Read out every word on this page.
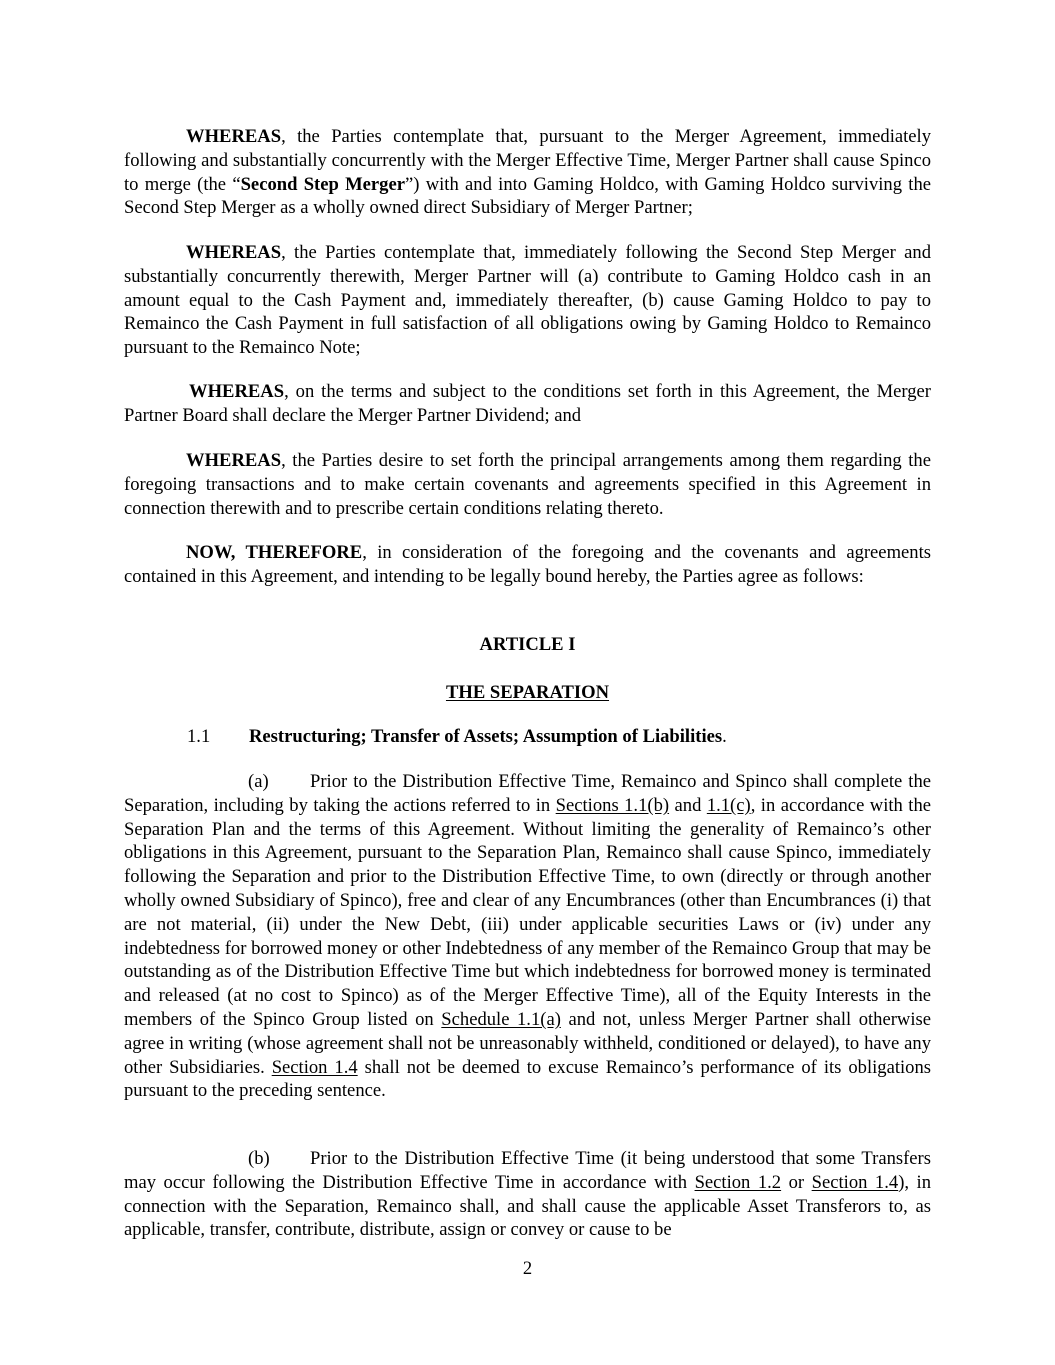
WHEREAS, the Parties contemplate that, pursuant to the Merger Agreement, immediately following and substantially concurrently with the Merger Effective Time, Merger Partner shall cause Spinco to merge (the “Second Step Merger”) with and into Gaming Holdco, with Gaming Holdco surviving the Second Step Merger as a wholly owned direct Subsidiary of Merger Partner;

WHEREAS, the Parties contemplate that, immediately following the Second Step Merger and substantially concurrently therewith, Merger Partner will (a) contribute to Gaming Holdco cash in an amount equal to the Cash Payment and, immediately thereafter, (b) cause Gaming Holdco to pay to Remainco the Cash Payment in full satisfaction of all obligations owing by Gaming Holdco to Remainco pursuant to the Remainco Note;

WHEREAS, on the terms and subject to the conditions set forth in this Agreement, the Merger Partner Board shall declare the Merger Partner Dividend; and

WHEREAS, the Parties desire to set forth the principal arrangements among them regarding the foregoing transactions and to make certain covenants and agreements specified in this Agreement in connection therewith and to prescribe certain conditions relating thereto.

NOW, THEREFORE, in consideration of the foregoing and the covenants and agreements contained in this Agreement, and intending to be legally bound hereby, the Parties agree as follows:

ARTICLE I

THE SEPARATION

1.1 Restructuring; Transfer of Assets; Assumption of Liabilities.

(a) Prior to the Distribution Effective Time, Remainco and Spinco shall complete the Separation, including by taking the actions referred to in Sections 1.1(b) and 1.1(c), in accordance with the Separation Plan and the terms of this Agreement. Without limiting the generality of Remainco’s other obligations in this Agreement, pursuant to the Separation Plan, Remainco shall cause Spinco, immediately following the Separation and prior to the Distribution Effective Time, to own (directly or through another wholly owned Subsidiary of Spinco), free and clear of any Encumbrances (other than Encumbrances (i) that are not material, (ii) under the New Debt, (iii) under applicable securities Laws or (iv) under any indebtedness for borrowed money or other Indebtedness of any member of the Remainco Group that may be outstanding as of the Distribution Effective Time but which indebtedness for borrowed money is terminated and released (at no cost to Spinco) as of the Merger Effective Time), all of the Equity Interests in the members of the Spinco Group listed on Schedule 1.1(a) and not, unless Merger Partner shall otherwise agree in writing (whose agreement shall not be unreasonably withheld, conditioned or delayed), to have any other Subsidiaries. Section 1.4 shall not be deemed to excuse Remainco’s performance of its obligations pursuant to the preceding sentence.

(b) Prior to the Distribution Effective Time (it being understood that some Transfers may occur following the Distribution Effective Time in accordance with Section 1.2 or Section 1.4), in connection with the Separation, Remainco shall, and shall cause the applicable Asset Transferors to, as applicable, transfer, contribute, distribute, assign or convey or cause to be

2
